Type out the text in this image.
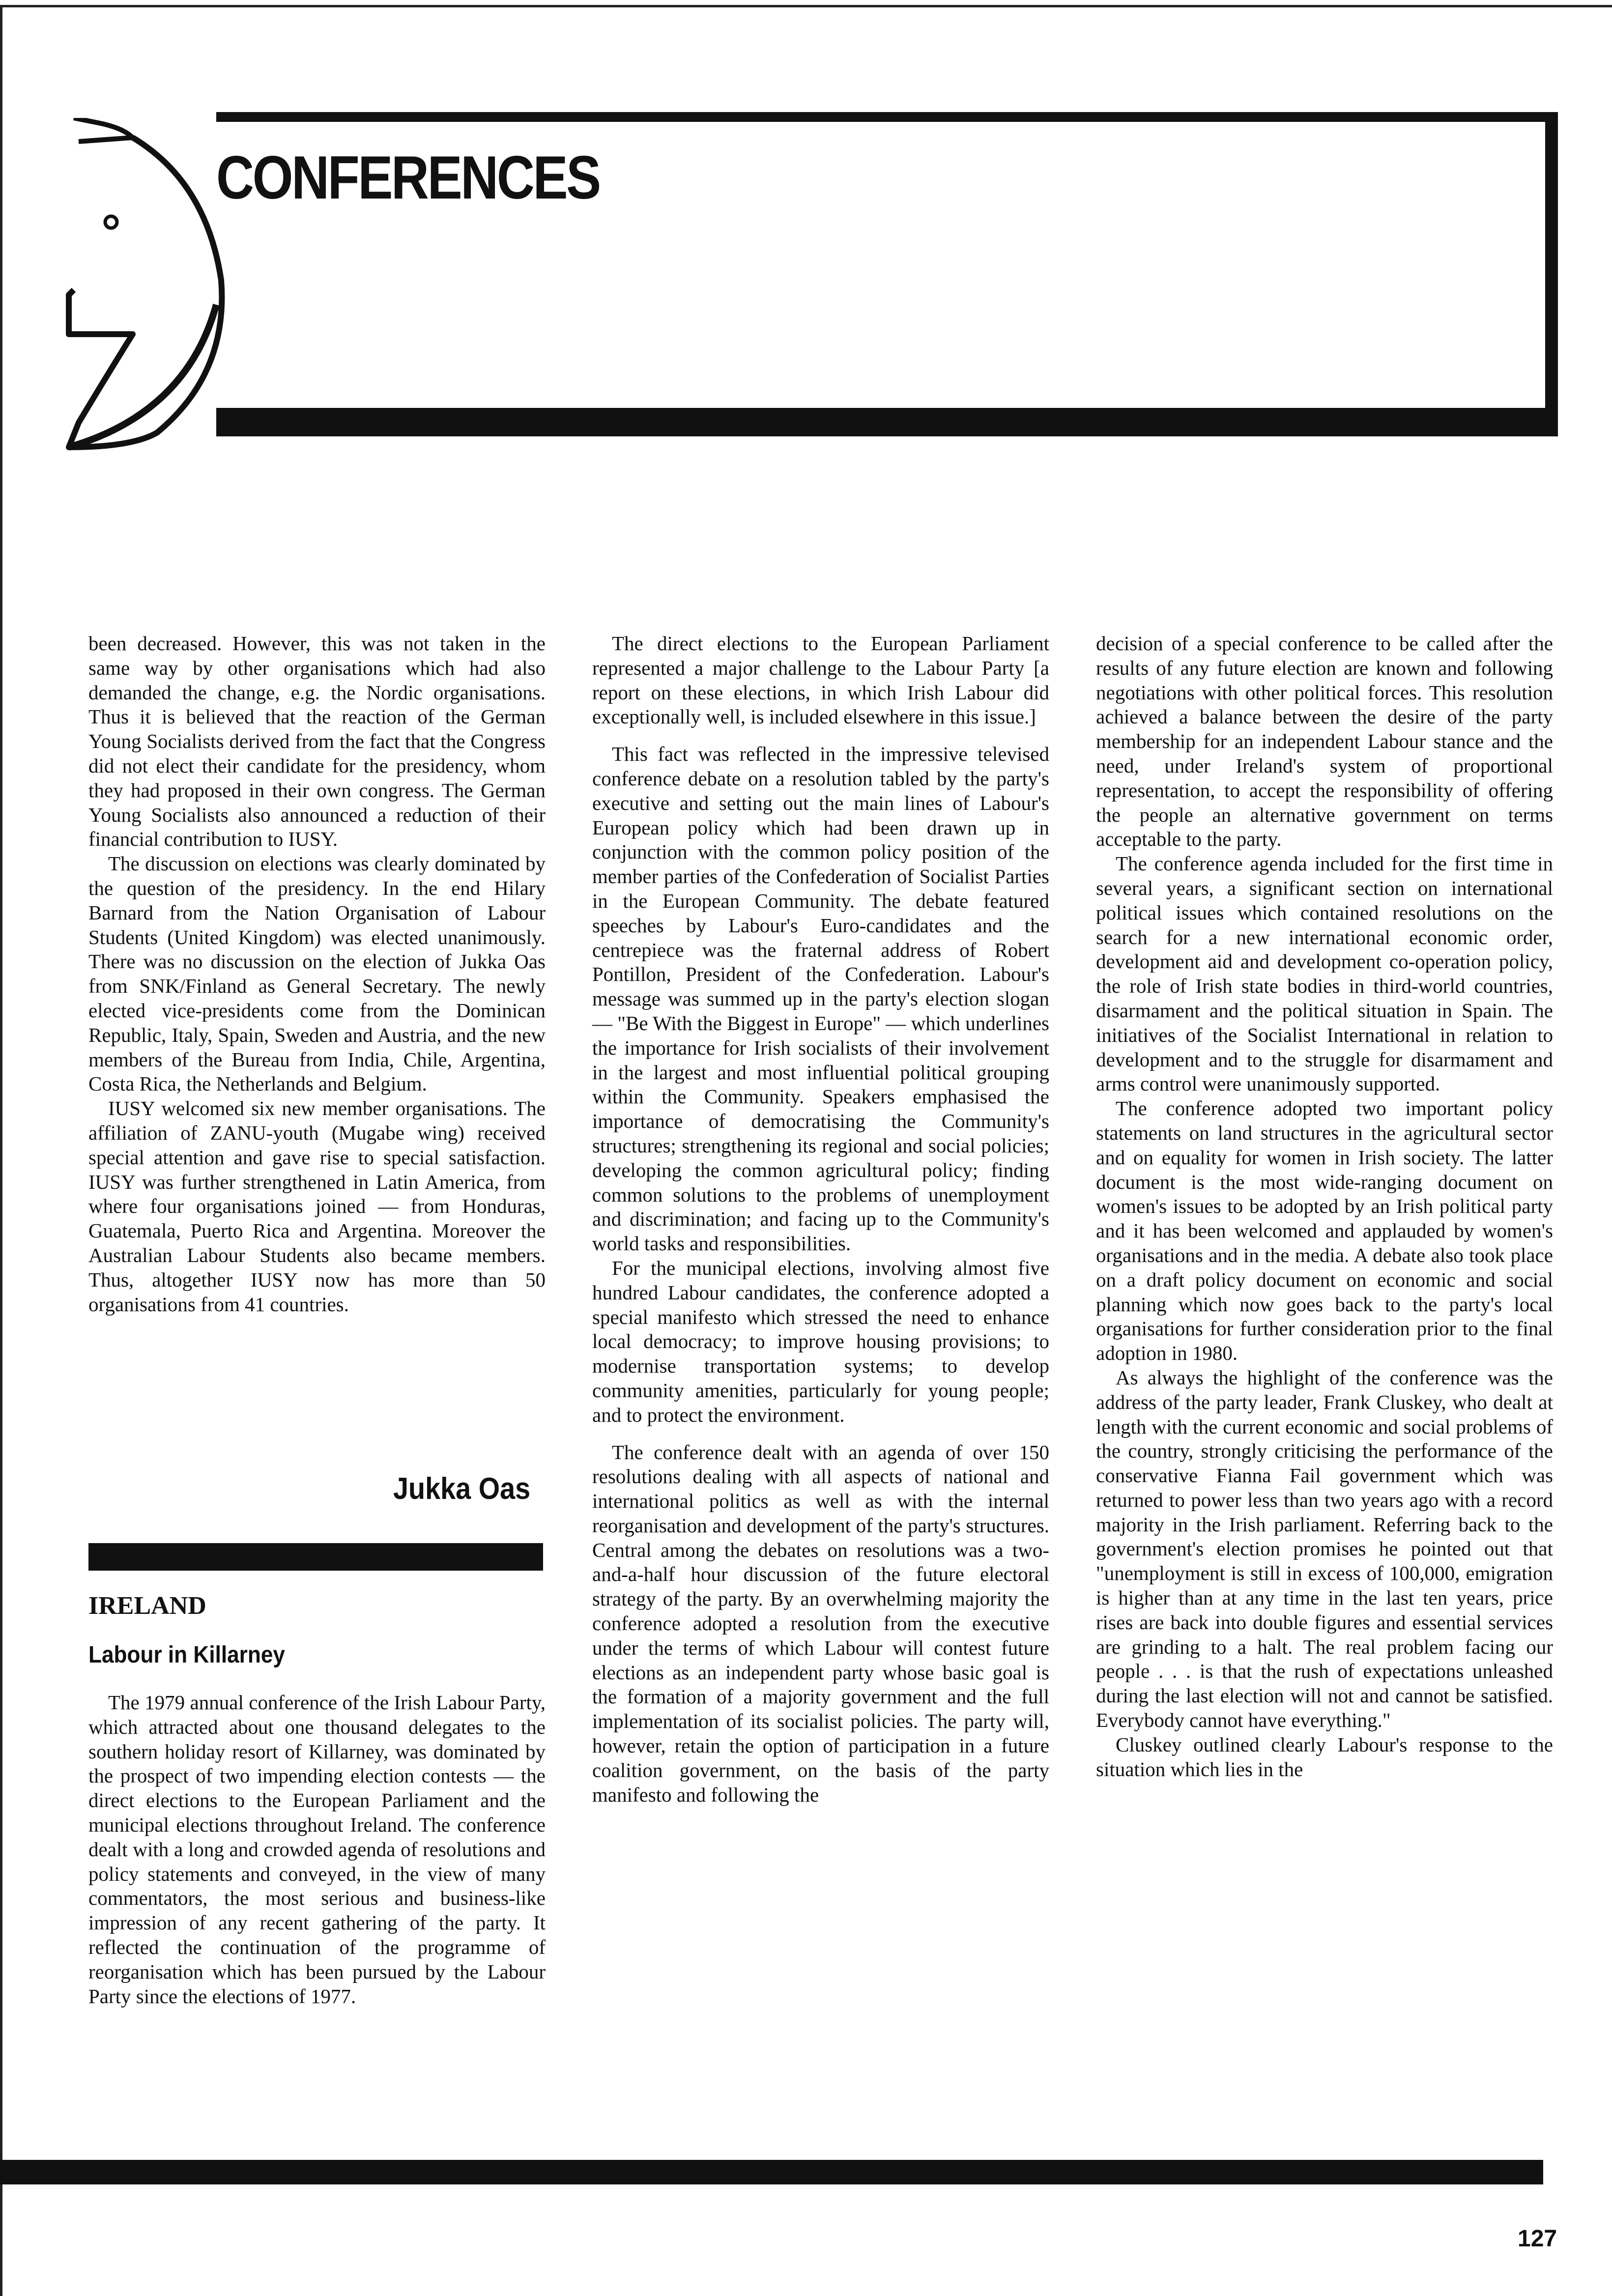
CONFERENCES

been decreased. However, this was not taken in the same way by other organisations which had also demanded the change, e.g. the Nordic organisations. Thus it is believed that the reaction of the German Young Socialists derived from the fact that the Congress did not elect their candidate for the presidency, whom they had proposed in their own congress. The German Young Socialists also announced a reduction of their financial contribution to IUSY.

The discussion on elections was clearly dominated by the question of the presidency. In the end Hilary Barnard from the Nation Organisation of Labour Students (United Kingdom) was elected unanimously. There was no discussion on the election of Jukka Oas from SNK/Finland as General Secretary. The newly elected vice-presidents come from the Dominican Republic, Italy, Spain, Sweden and Austria, and the new members of the Bureau from India, Chile, Argentina, Costa Rica, the Netherlands and Belgium.

IUSY welcomed six new member organisations. The affiliation of ZANU-youth (Mugabe wing) received special attention and gave rise to special satisfaction. IUSY was further strengthened in Latin America, from where four organisations joined — from Honduras, Guatemala, Puerto Rica and Argentina. Moreover the Australian Labour Students also became members. Thus, altogether IUSY now has more than 50 organisations from 41 countries.

Jukka Oas
IRELAND
Labour in Killarney

The 1979 annual conference of the Irish Labour Party, which attracted about one thousand delegates to the southern holiday resort of Killarney, was dominated by the prospect of two impending election contests — the direct elections to the European Parliament and the municipal elections throughout Ireland. The conference dealt with a long and crowded agenda of resolutions and policy statements and conveyed, in the view of many commentators, the most serious and business-like impression of any recent gathering of the party. It reflected the continuation of the programme of reorganisation which has been pursued by the Labour Party since the elections of 1977.

The direct elections to the European Parliament represented a major challenge to the Labour Party [a report on these elections, in which Irish Labour did exceptionally well, is included elsewhere in this issue.]

This fact was reflected in the impressive televised conference debate on a resolution tabled by the party's executive and setting out the main lines of Labour's European policy which had been drawn up in conjunction with the common policy position of the member parties of the Confederation of Socialist Parties in the European Community. The debate featured speeches by Labour's Euro-candidates and the centrepiece was the fraternal address of Robert Pontillon, President of the Confederation. Labour's message was summed up in the party's election slogan — "Be With the Biggest in Europe" — which underlines the importance for Irish socialists of their involvement in the largest and most influential political grouping within the Community. Speakers emphasised the importance of democratising the Community's structures; strengthening its regional and social policies; developing the common agricultural policy; finding common solutions to the problems of unemployment and discrimination; and facing up to the Community's world tasks and responsibilities.

For the municipal elections, involving almost five hundred Labour candidates, the conference adopted a special manifesto which stressed the need to enhance local democracy; to improve housing provisions; to modernise transportation systems; to develop community amenities, particularly for young people; and to protect the environment.

The conference dealt with an agenda of over 150 resolutions dealing with all aspects of national and international politics as well as with the internal reorganisation and development of the party's structures. Central among the debates on resolutions was a two-and-a-half hour discussion of the future electoral strategy of the party. By an overwhelming majority the conference adopted a resolution from the executive under the terms of which Labour will contest future elections as an independent party whose basic goal is the formation of a majority government and the full implementation of its socialist policies. The party will, however, retain the option of participation in a future coalition government, on the basis of the party manifesto and following the

decision of a special conference to be called after the results of any future election are known and following negotiations with other political forces. This resolution achieved a balance between the desire of the party membership for an independent Labour stance and the need, under Ireland's system of proportional representation, to accept the responsibility of offering the people an alternative government on terms acceptable to the party.

The conference agenda included for the first time in several years, a significant section on international political issues which contained resolutions on the search for a new international economic order, development aid and development co-operation policy, the role of Irish state bodies in third-world countries, disarmament and the political situation in Spain. The initiatives of the Socialist International in relation to development and to the struggle for disarmament and arms control were unanimously supported.

The conference adopted two important policy statements on land structures in the agricultural sector and on equality for women in Irish society. The latter document is the most wide-ranging document on women's issues to be adopted by an Irish political party and it has been welcomed and applauded by women's organisations and in the media. A debate also took place on a draft policy document on economic and social planning which now goes back to the party's local organisations for further consideration prior to the final adoption in 1980.

As always the highlight of the conference was the address of the party leader, Frank Cluskey, who dealt at length with the current economic and social problems of the country, strongly criticising the performance of the conservative Fianna Fail government which was returned to power less than two years ago with a record majority in the Irish parliament. Referring back to the government's election promises he pointed out that "unemployment is still in excess of 100,000, emigration is higher than at any time in the last ten years, price rises are back into double figures and essential services are grinding to a halt. The real problem facing our people . . . is that the rush of expectations unleashed during the last election will not and cannot be satisfied. Everybody cannot have everything."

Cluskey outlined clearly Labour's response to the situation which lies in the

127
